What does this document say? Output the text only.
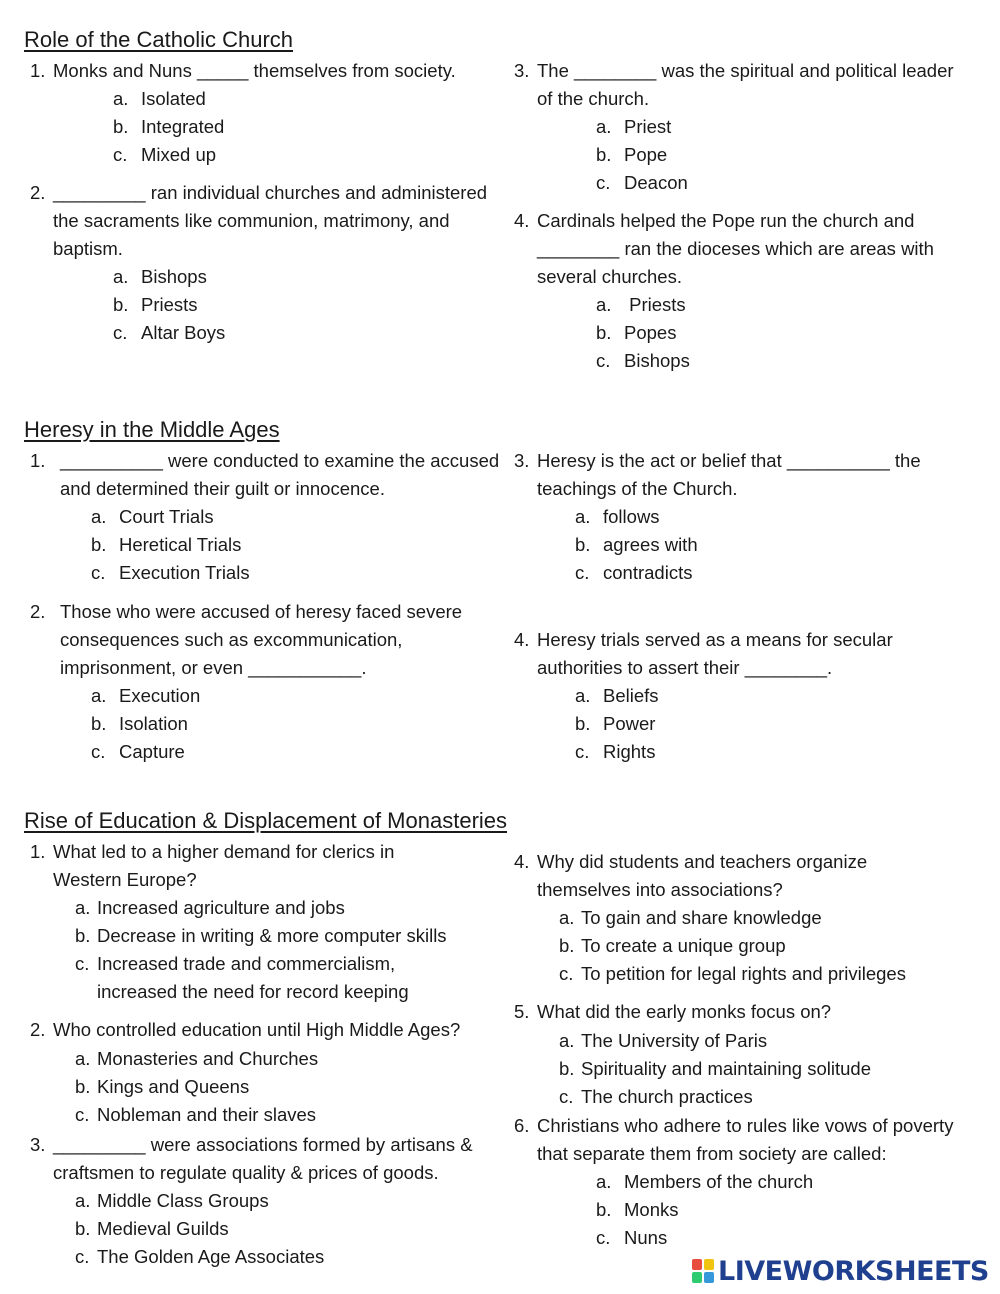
Role of the Catholic Church
1. Monks and Nuns _____ themselves from society.
a. Isolated
b. Integrated
c. Mixed up
2. _________ ran individual churches and administered the sacraments like communion, matrimony, and baptism.
a. Bishops
b. Priests
c. Altar Boys
3. The ________ was the spiritual and political leader of the church.
a. Priest
b. Pope
c. Deacon
4. Cardinals helped the Pope run the church and ________ ran the dioceses which are areas with several churches.
a. Priests
b. Popes
c. Bishops
Heresy in the Middle Ages
1. __________ were conducted to examine the accused and determined their guilt or innocence.
a. Court Trials
b. Heretical Trials
c. Execution Trials
2. Those who were accused of heresy faced severe consequences such as excommunication, imprisonment, or even ___________.
a. Execution
b. Isolation
c. Capture
3. Heresy is the act or belief that __________ the teachings of the Church.
a. follows
b. agrees with
c. contradicts
4. Heresy trials served as a means for secular authorities to assert their ________.
a. Beliefs
b. Power
c. Rights
Rise of Education & Displacement of Monasteries
1. What led to a higher demand for clerics in Western Europe?
a. Increased agriculture and jobs
b. Decrease in writing & more computer skills
c. Increased trade and commercialism,
increased the need for record keeping
2. Who controlled education until High Middle Ages?
a. Monasteries and Churches
b. Kings and Queens
c. Nobleman and their slaves
3. _________ were associations formed by artisans & craftsmen to regulate quality & prices of goods.
a. Middle Class Groups
b. Medieval Guilds
c. The Golden Age Associates
4. Why did students and teachers organize themselves into associations?
a. To gain and share knowledge
b. To create a unique group
c. To petition for legal rights and privileges
5. What did the early monks focus on?
a. The University of Paris
b. Spirituality and maintaining solitude
c. The church practices
6. Christians who adhere to rules like vows of poverty that separate them from society are called:
a. Members of the church
b. Monks
c. Nuns
LIVEWORKSHEETS
